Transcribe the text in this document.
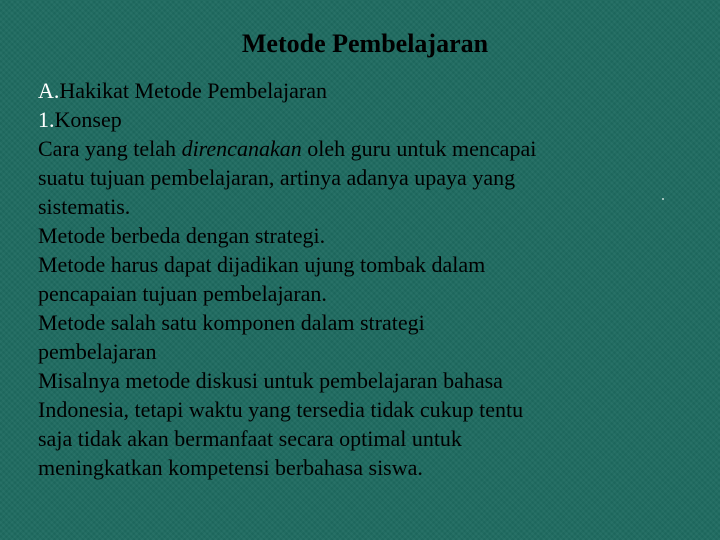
Metode Pembelajaran
A.Hakikat Metode Pembelajaran
1.Konsep
Cara yang telah direncanakan oleh guru untuk mencapai
suatu tujuan pembelajaran, artinya adanya upaya yang
sistematis.
Metode berbeda dengan strategi.
Metode harus dapat dijadikan ujung tombak dalam
pencapaian tujuan pembelajaran.
Metode salah satu komponen dalam strategi
pembelajaran
Misalnya metode diskusi untuk pembelajaran bahasa
Indonesia, tetapi waktu yang tersedia tidak cukup tentu
saja tidak akan bermanfaat secara optimal untuk
meningkatkan kompetensi berbahasa siswa.
